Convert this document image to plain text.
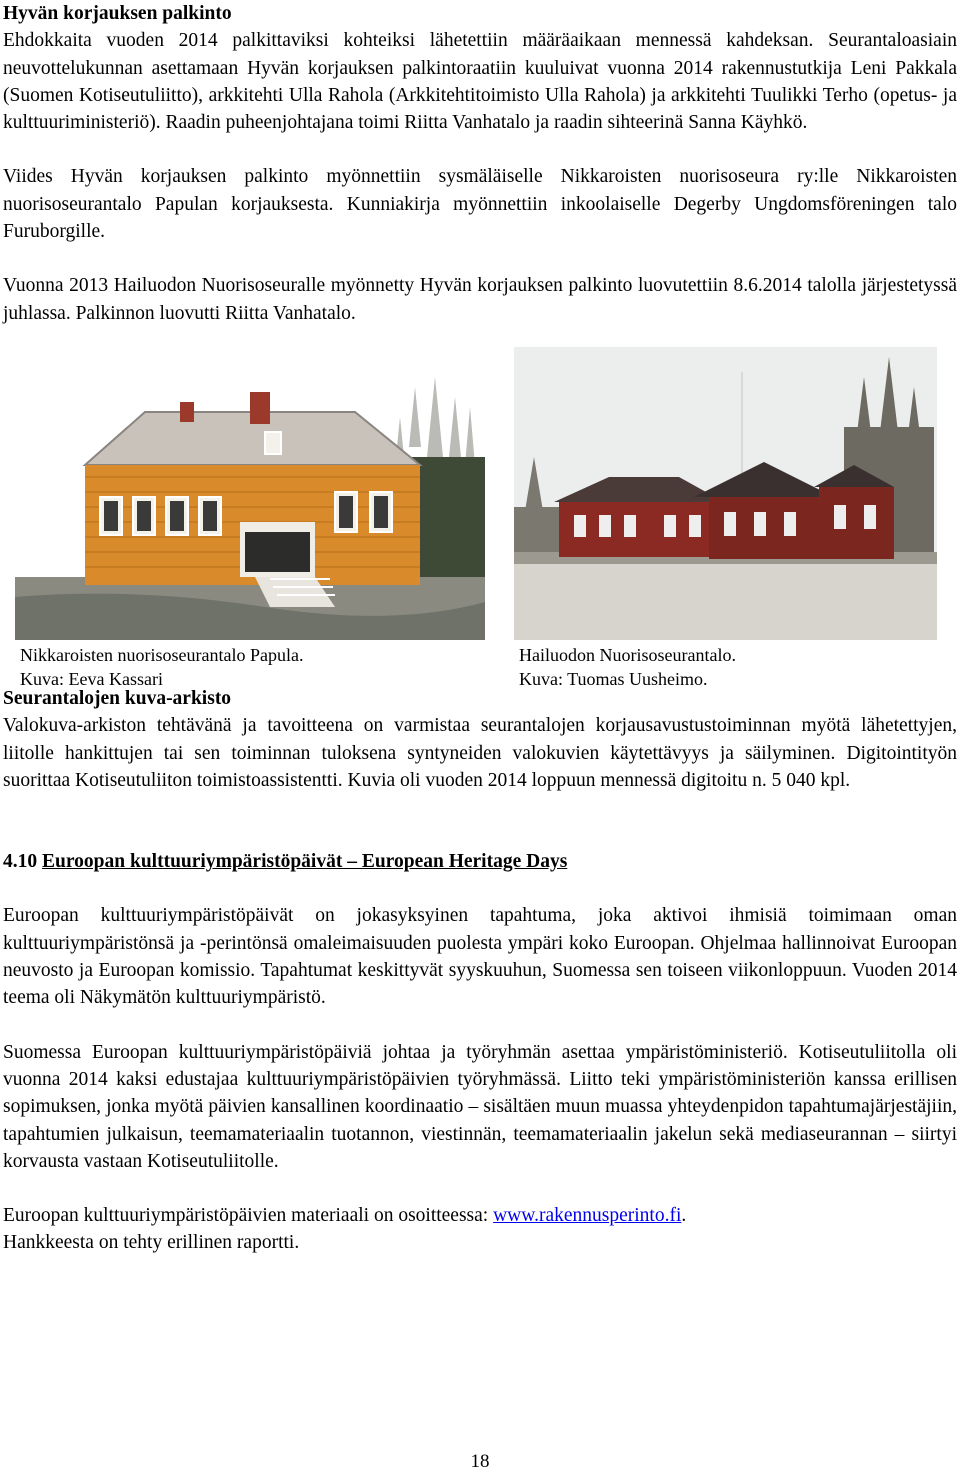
Hyvän korjauksen palkinto

Ehdokkaita vuoden 2014 palkittaviksi kohteiksi lähetettiin määräaikaan mennessä kahdeksan. Seurantaloasiain neuvottelukunnan asettamaan Hyvän korjauksen palkintoraatiin kuuluivat vuonna 2014 rakennustutkija Leni Pakkala (Suomen Kotiseutuliitto), arkkitehti Ulla Rahola (Arkkitehtitoimisto Ulla Rahola) ja arkkitehti Tuulikki Terho (opetus- ja kulttuuriministeriö). Raadin puheenjohtajana toimi Riitta Vanhatalo ja raadin sihteerinä Sanna Käyhkö.

Viides Hyvän korjauksen palkinto myönnettiin sysmäläiselle Nikkaroisten nuorisoseura ry:lle Nikkaroisten nuorisoseurantalo Papulan korjauksesta. Kunniakirja myönnettiin inkoolaiselle Degerby Ungdomsföreningen talo Furuborgille.

Vuonna 2013 Hailuodon Nuorisoseuralle myönnetty Hyvän korjauksen palkinto luovutettiin 8.6.2014 talolla järjestetyssä juhlassa. Palkinnon luovutti Riitta Vanhatalo.

Nikkaroisten nuorisoseurantalo Papula.
Kuva: Eeva Kassari
Hailuodon Nuorisoseurantalo.
Kuva: Tuomas Uusheimo.
Seurantalojen kuva-arkisto

Valokuva-arkiston tehtävänä ja tavoitteena on varmistaa seurantalojen korjausavustustoiminnan myötä lähetettyjen, liitolle hankittujen tai sen toiminnan tuloksena syntyneiden valokuvien käytettävyys ja säilyminen. Digitointityön suorittaa Kotiseutuliiton toimistoassistentti. Kuvia oli vuoden 2014 loppuun mennessä digitoitu n. 5 040 kpl.

4.10 Euroopan kulttuuriympäristöpäivät – European Heritage Days

Euroopan kulttuuriympäristöpäivät on jokasyksyinen tapahtuma, joka aktivoi ihmisiä toimimaan oman kulttuuriympäristönsä ja -perintönsä omaleimaisuuden puolesta ympäri koko Euroopan. Ohjelmaa hallinnoivat Euroopan neuvosto ja Euroopan komissio. Tapahtumat keskittyvät syyskuuhun, Suomessa sen toiseen viikonloppuun. Vuoden 2014 teema oli Näkymätön kulttuuriympäristö.

Suomessa Euroopan kulttuuriympäristöpäiviä johtaa ja työryhmän asettaa ympäristöministeriö. Kotiseutuliitolla oli vuonna 2014 kaksi edustajaa kulttuuriympäristöpäivien työryhmässä. Liitto teki ympäristöministeriön kanssa erillisen sopimuksen, jonka myötä päivien kansallinen koordinaatio – sisältäen muun muassa yhteydenpidon tapahtumajärjestäjiin, tapahtumien julkaisun, teemamateriaalin tuotannon, viestinnän, teemamateriaalin jakelun sekä mediaseurannan – siirtyi korvausta vastaan Kotiseutuliitolle.

Euroopan kulttuuriympäristöpäivien materiaali on osoitteessa: www.rakennusperinto.fi.

Hankkeesta on tehty erillinen raportti.

18
